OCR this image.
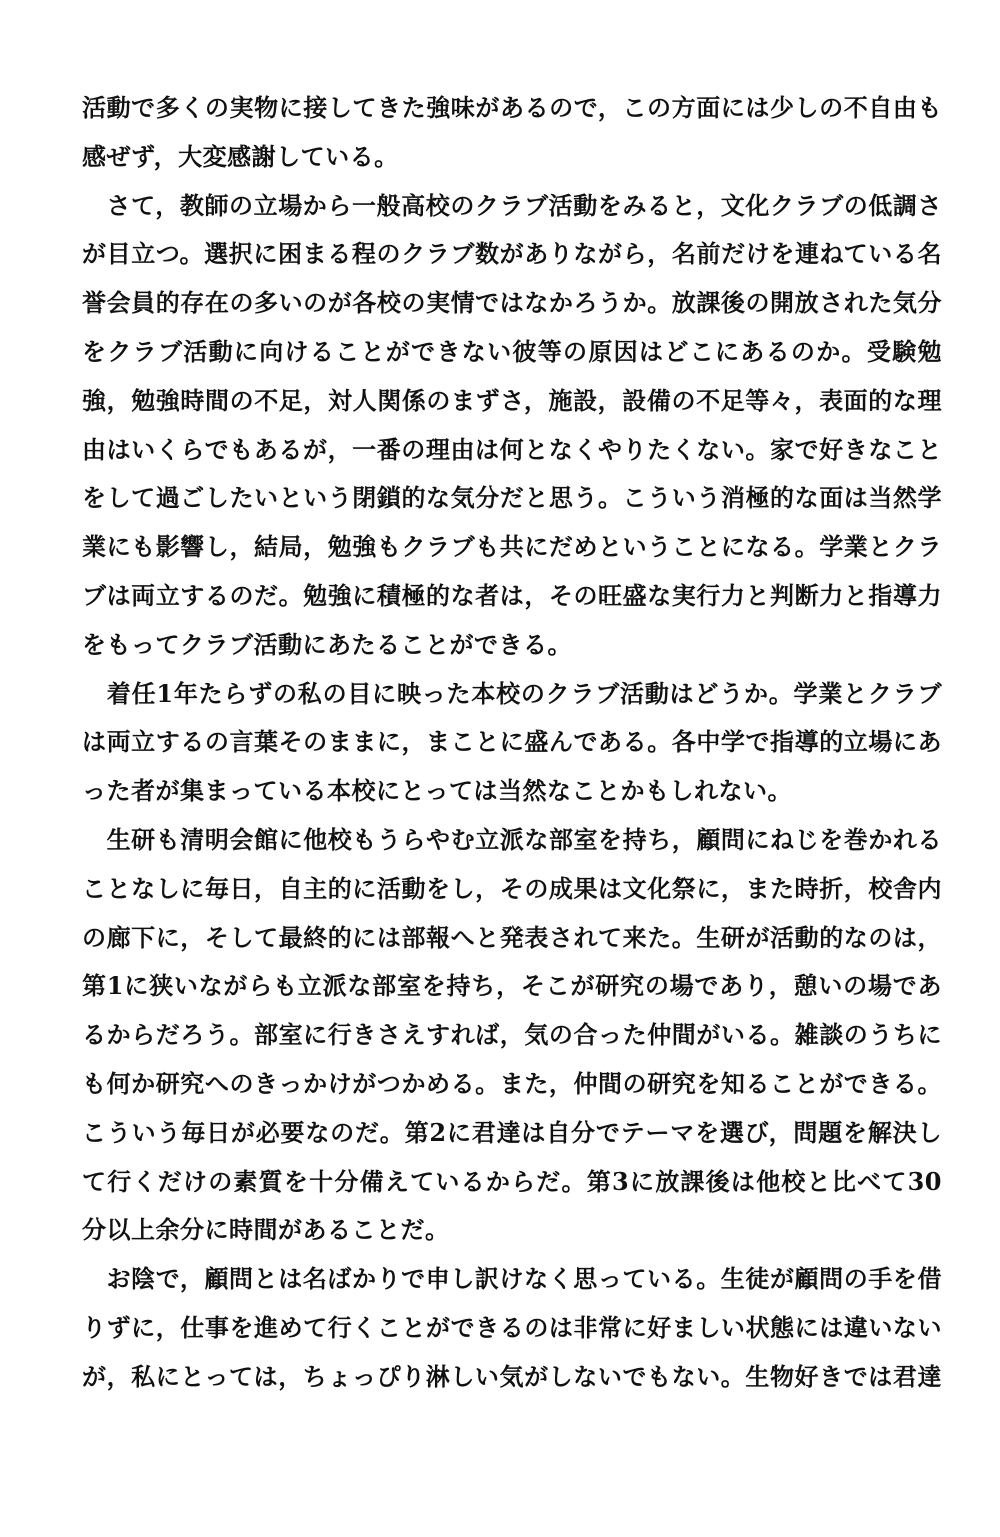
活動で多くの実物に接してきた強味があるので，この方面には少しの不自由も
感ぜず，大変感謝している。
　さて，教師の立場から一般高校のクラブ活動をみると，文化クラブの低調さ
が目立つ。選択に困まる程のクラブ数がありながら，名前だけを連ねている名
誉会員的存在の多いのが各校の実情ではなかろうか。放課後の開放された気分
をクラブ活動に向けることができない彼等の原因はどこにあるのか。受験勉
強，勉強時間の不足，対人関係のまずさ，施設，設備の不足等々，表面的な理
由はいくらでもあるが，一番の理由は何となくやりたくない。家で好きなこと
をして過ごしたいという閉鎖的な気分だと思う。こういう消極的な面は当然学
業にも影響し，結局，勉強もクラブも共にだめということになる。学業とクラ
ブは両立するのだ。勉強に積極的な者は，その旺盛な実行力と判断力と指導力
をもってクラブ活動にあたることができる。
　着任1年たらずの私の目に映った本校のクラブ活動はどうか。学業とクラブ
は両立するの言葉そのままに，まことに盛んである。各中学で指導的立場にあ
った者が集まっている本校にとっては当然なことかもしれない。
　生研も清明会館に他校もうらやむ立派な部室を持ち，顧問にねじを巻かれる
ことなしに毎日，自主的に活動をし，その成果は文化祭に，また時折，校舎内
の廊下に，そして最終的には部報へと発表されて来た。生研が活動的なのは，
第1に狭いながらも立派な部室を持ち，そこが研究の場であり，憩いの場であ
るからだろう。部室に行きさえすれば，気の合った仲間がいる。雑談のうちに
も何か研究へのきっかけがつかめる。また，仲間の研究を知ることができる。
こういう毎日が必要なのだ。第2に君達は自分でテーマを選び，問題を解決し
て行くだけの素質を十分備えているからだ。第3に放課後は他校と比べて30
分以上余分に時間があることだ。
　お陰で，顧問とは名ばかりで申し訳けなく思っている。生徒が顧問の手を借
りずに，仕事を進めて行くことができるのは非常に好ましい状態には違いない
が，私にとっては，ちょっぴり淋しい気がしないでもない。生物好きでは君達
